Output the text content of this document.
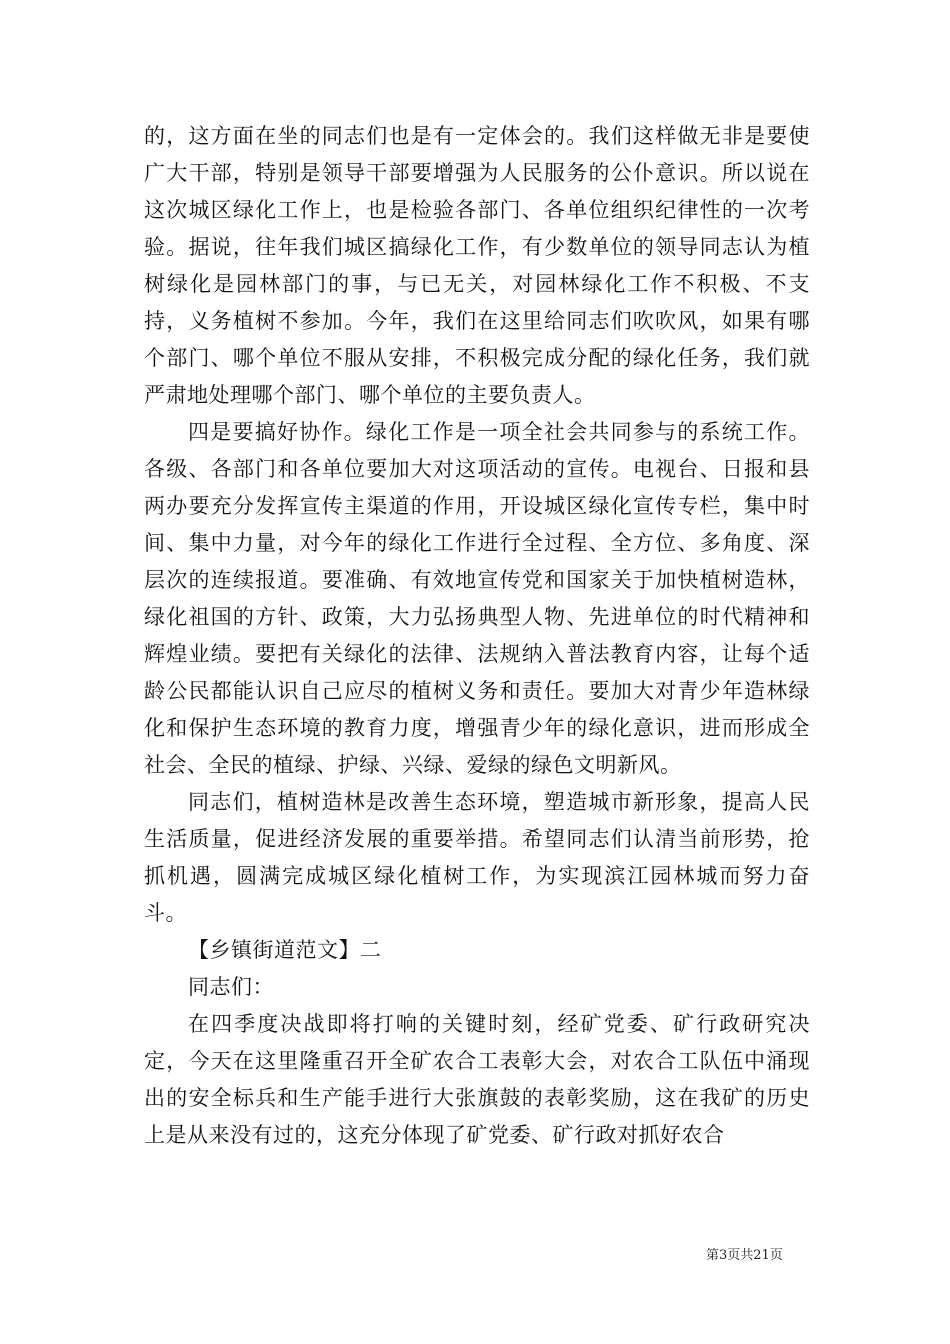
的，这方面在坐的同志们也是有一定体会的。我们这样做无非是要使广大干部，特别是领导干部要增强为人民服务的公仆意识。所以说在这次城区绿化工作上，也是检验各部门、各单位组织纪律性的一次考验。据说，往年我们城区搞绿化工作，有少数单位的领导同志认为植树绿化是园林部门的事，与已无关，对园林绿化工作不积极、不支持，义务植树不参加。今年，我们在这里给同志们吹吹风，如果有哪个部门、哪个单位不服从安排，不积极完成分配的绿化任务，我们就严肃地处理哪个部门、哪个单位的主要负责人。

四是要搞好协作。绿化工作是一项全社会共同参与的系统工作。各级、各部门和各单位要加大对这项活动的宣传。电视台、日报和县两办要充分发挥宣传主渠道的作用，开设城区绿化宣传专栏，集中时间、集中力量，对今年的绿化工作进行全过程、全方位、多角度、深层次的连续报道。要准确、有效地宣传党和国家关于加快植树造林，绿化祖国的方针、政策，大力弘扬典型人物、先进单位的时代精神和辉煌业绩。要把有关绿化的法律、法规纳入普法教育内容，让每个适龄公民都能认识自己应尽的植树义务和责任。要加大对青少年造林绿化和保护生态环境的教育力度，增强青少年的绿化意识，进而形成全社会、全民的植绿、护绿、兴绿、爱绿的绿色文明新风。

同志们，植树造林是改善生态环境，塑造城市新形象，提高人民生活质量，促进经济发展的重要举措。希望同志们认清当前形势，抢抓机遇，圆满完成城区绿化植树工作，为实现滨江园林城而努力奋斗。

【乡镇街道范文】二

同志们：

在四季度决战即将打响的关键时刻，经矿党委、矿行政研究决定，今天在这里隆重召开全矿农合工表彰大会，对农合工队伍中涌现出的安全标兵和生产能手进行大张旗鼓的表彰奖励，这在我矿的历史上是从来没有过的，这充分体现了矿党委、矿行政对抓好农合

第3页共21页
